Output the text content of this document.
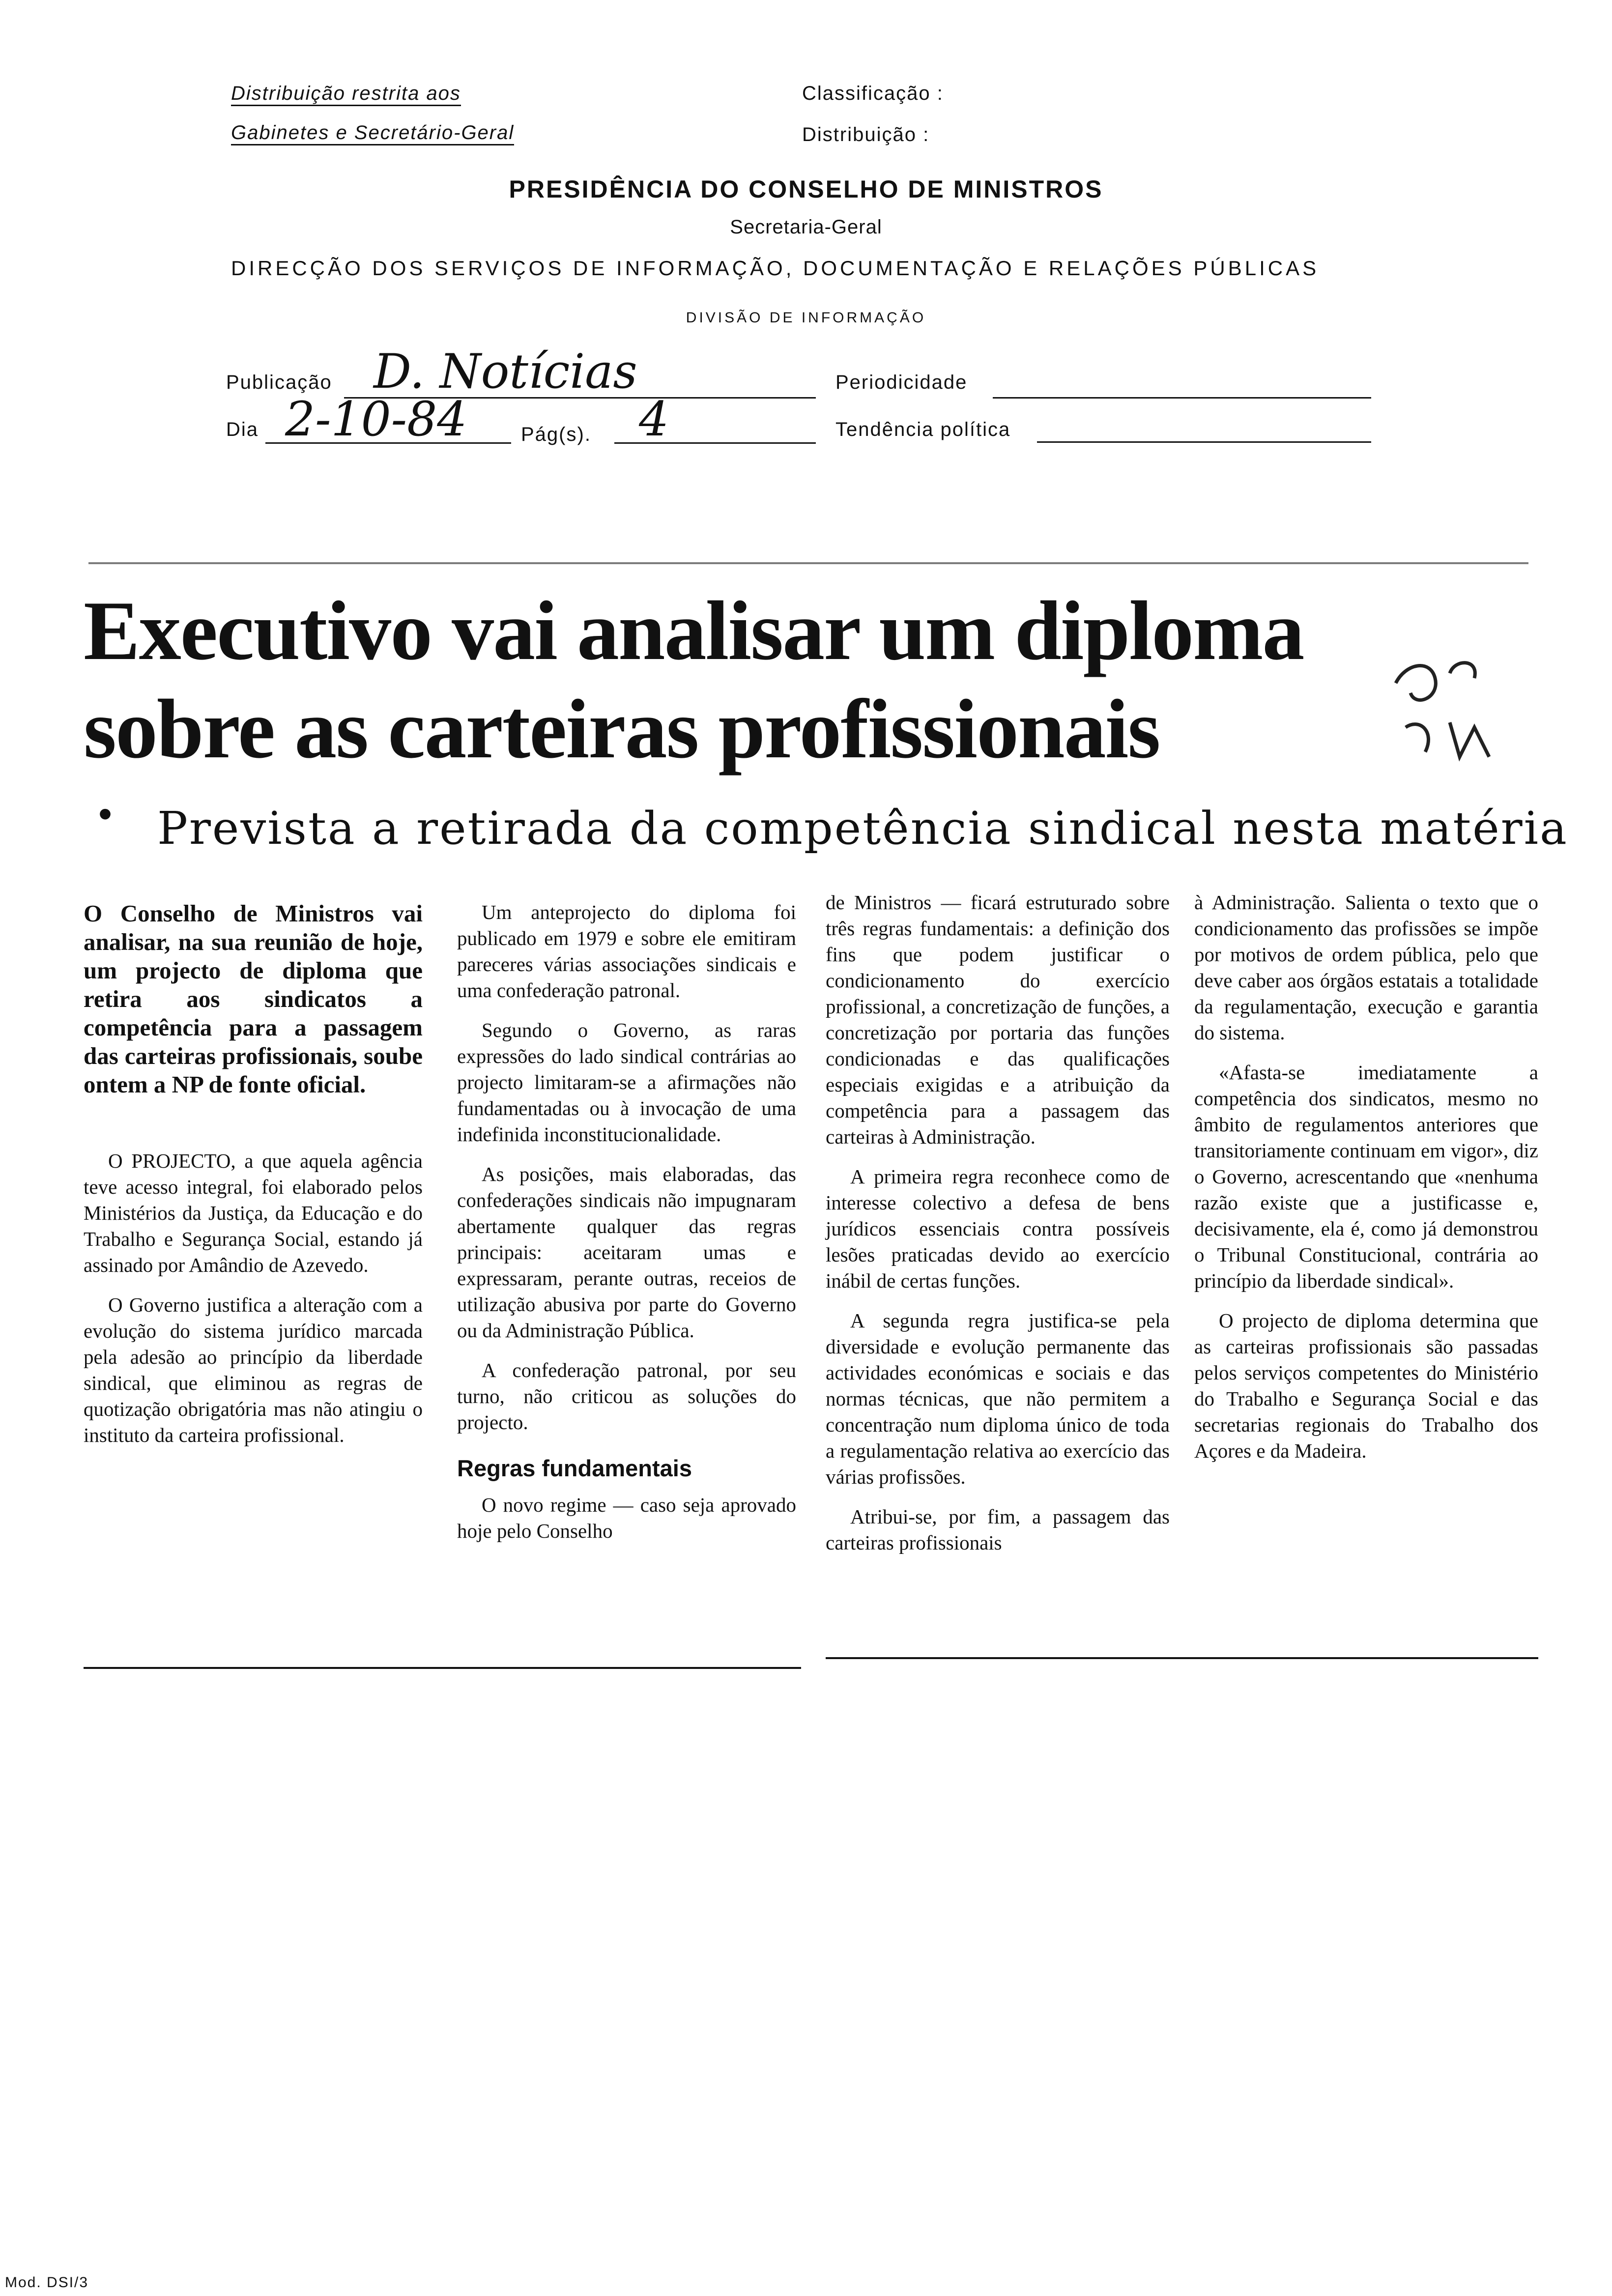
Distribuição restrita aos
Gabinetes e Secretário-Geral
Classificação :
Distribuição :
PRESIDÊNCIA DO CONSELHO DE MINISTROS
Secretaria-Geral
DIRECÇÃO DOS SERVIÇOS DE INFORMAÇÃO, DOCUMENTAÇÃO E RELAÇÕES PÚBLICAS
DIVISÃO DE INFORMAÇÃO
Publicação D. Notícias	Periodicidade
Dia 2-10-84	Pág(s). 4	Tendência política
Executivo vai analisar um diploma
sobre as carteiras profissionais
• Prevista a retirada da competência sindical nesta matéria
O Conselho de Ministros vai analisar, na sua reunião de hoje, um projecto de diploma que retira aos sindicatos a competência para a passagem das carteiras profissionais, soube ontem a NP de fonte oficial.

O PROJECTO, a que aquela agência teve acesso integral, foi elaborado pelos Ministérios da Justiça, da Educação e do Trabalho e Segurança Social, estando já assinado por Amândio de Azevedo.

O Governo justifica a alteração com a evolução do sistema jurídico marcada pela adesão ao princípio da liberdade sindical, que eliminou as regras de quotização obrigatória mas não atingiu o instituto da carteira profissional.

Um anteprojecto do diploma foi publicado em 1979 e sobre ele emitiram pareceres várias associações sindicais e uma confederação patronal.

Segundo o Governo, as raras expressões do lado sindical contrárias ao projecto limitaram-se a afirmações não fundamentadas ou à invocação de uma indefinida inconstitucionalidade.

As posições, mais elaboradas, das confederações sindicais não impugnaram abertamente qualquer das regras principais: aceitaram umas e expressaram, perante outras, receios de utilização abusiva por parte do Governo ou da Administração Pública.

A confederação patronal, por seu turno, não criticou as soluções do projecto.

Regras fundamentais

O novo regime — caso seja aprovado hoje pelo Conselho

de Ministros — ficará estruturado sobre três regras fundamentais: a definição dos fins que podem justificar o condicionamento do exercício profissional, a concretização de funções, a concretização por portaria das funções condicionadas e das qualificações especiais exigidas e a atribuição da competência para a passagem das carteiras à Administração.

A primeira regra reconhece como de interesse colectivo a defesa de bens jurídicos essenciais contra possíveis lesões praticadas devido ao exercício inábil de certas funções.

A segunda regra justifica-se pela diversidade e evolução permanente das actividades económicas e sociais e das normas técnicas, que não permitem a concentração num diploma único de toda a regulamentação relativa ao exercício das várias profissões.

Atribui-se, por fim, a passagem das carteiras profissionais

à Administração. Salienta o texto que o condicionamento das profissões se impõe por motivos de ordem pública, pelo que deve caber aos órgãos estatais a totalidade da regulamentação, execução e garantia do sistema.

«Afasta-se imediatamente a competência dos sindicatos, mesmo no âmbito de regulamentos anteriores que transitoriamente continuam em vigor», diz o Governo, acrescentando que «nenhuma razão existe que a justificasse e, decisivamente, ela é, como já demonstrou o Tribunal Constitucional, contrária ao princípio da liberdade sindical».

O projecto de diploma determina que as carteiras profissionais são passadas pelos serviços competentes do Ministério do Trabalho e Segurança Social e das secretarias regionais do Trabalho dos Açores e da Madeira.

Mod. DSI/3
